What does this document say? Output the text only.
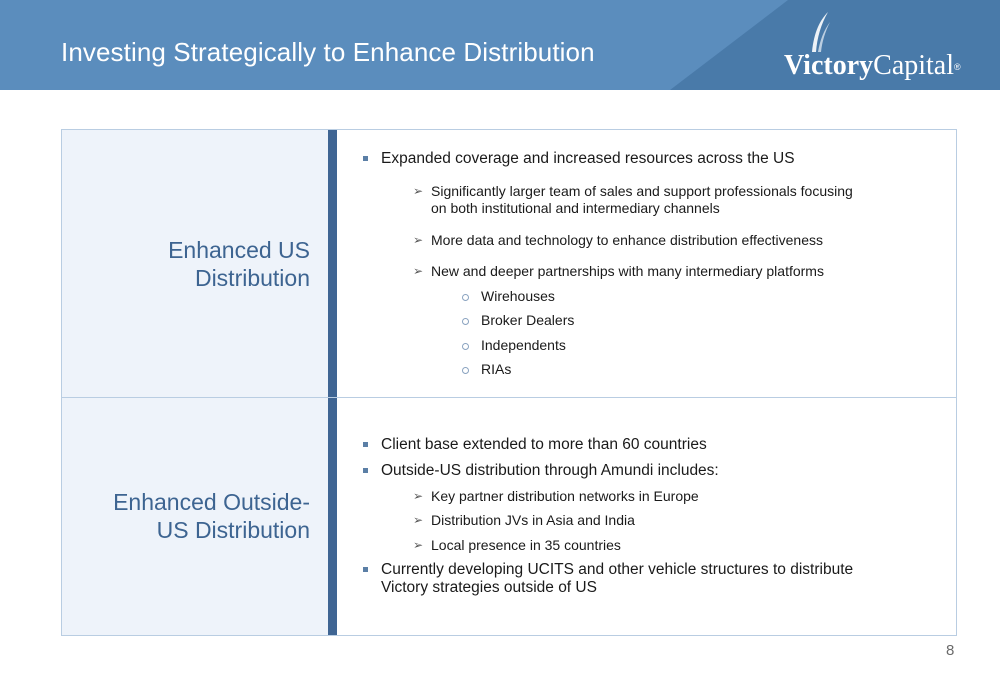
Investing Strategically to Enhance Distribution	VictoryCapital®
Enhanced US
Distribution
Enhanced Outside-
US Distribution
Expanded coverage and increased resources across the US
➢ Significantly larger team of sales and support professionals focusing
on both institutional and intermediary channels
➢ More data and technology to enhance distribution effectiveness
➢ New and deeper partnerships with many intermediary platforms
Wirehouses
Broker Dealers
Independents
RIAs
Client base extended to more than 60 countries
Outside-US distribution through Amundi includes:
➢ Key partner distribution networks in Europe
➢ Distribution JVs in Asia and India
➢ Local presence in 35 countries
Currently developing UCITS and other vehicle structures to distribute
Victory strategies outside of US
8
